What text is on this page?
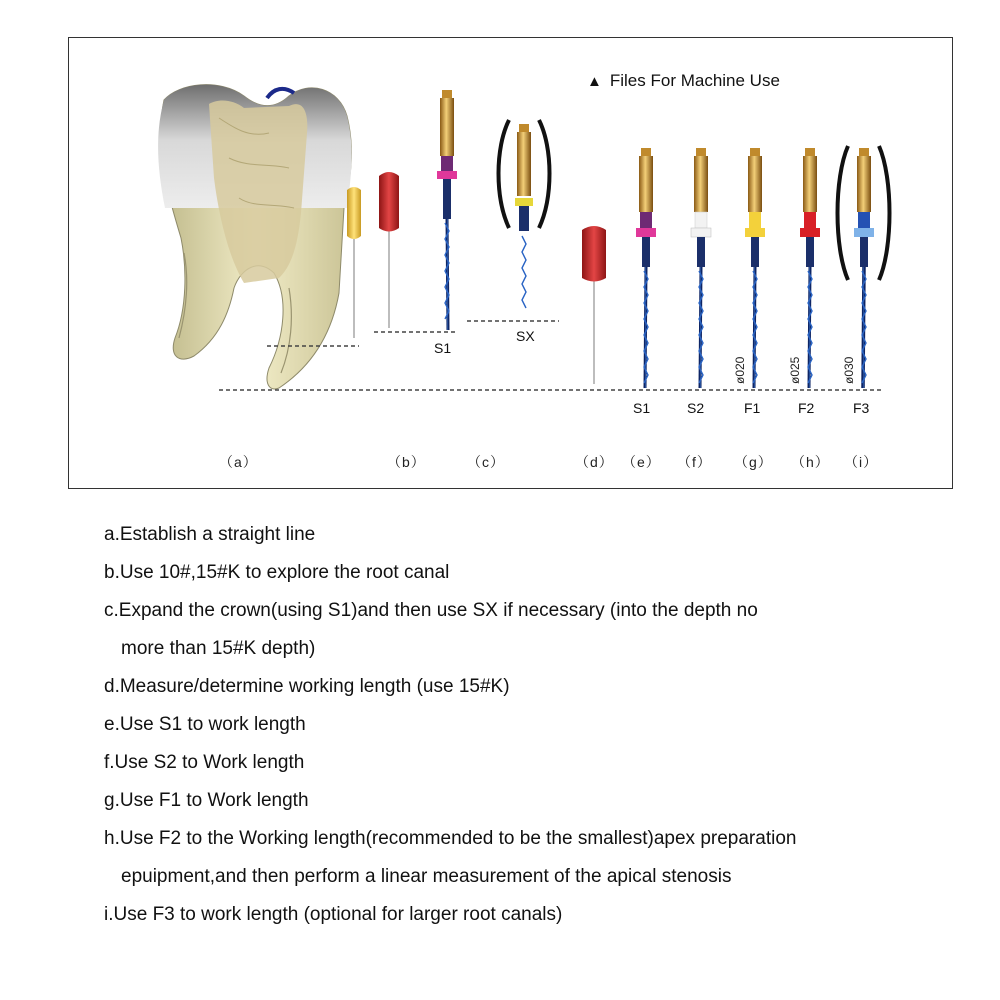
▲ Files For Machine Use
S1
SX
S1	S2	F1	F2	F3
ø020	ø025	ø030
（a）	（b）	（c）	（d） （e） （f） （g） （h） （i）
a.Establish a straight line
b.Use 10#,15#K to explore the root canal
c.Expand the crown(using S1)and then use SX if necessary (into the depth no
more than 15#K depth)
d.Measure/determine working length (use 15#K)
e.Use S1 to work length
f.Use S2 to Work length
g.Use F1 to Work length
h.Use F2 to the Working length(recommended to be the smallest)apex preparation
epuipment,and then perform a linear measurement of the apical stenosis
i.Use F3 to work length (optional for larger root canals)
